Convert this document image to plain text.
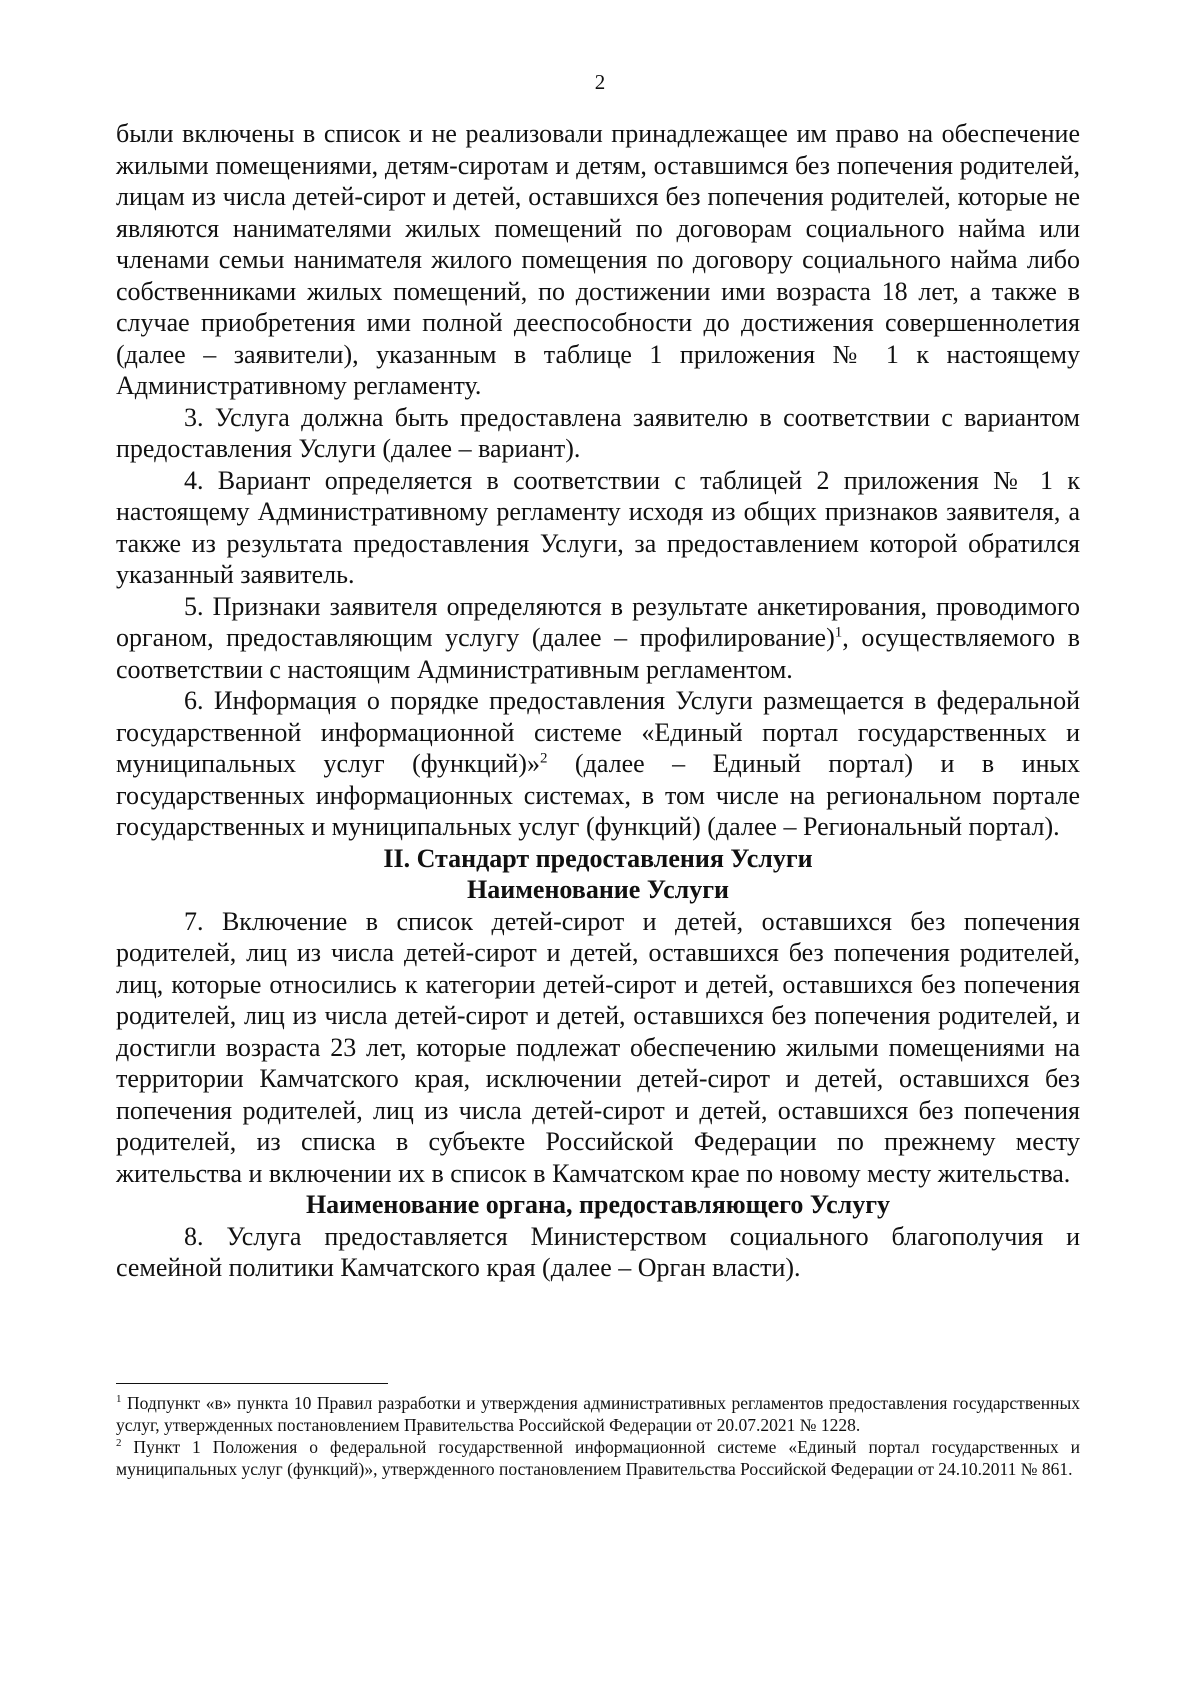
2

были включены в список и не реализовали принадлежащее им право на обеспечение жилыми помещениями, детям-сиротам и детям, оставшимся без попечения родителей, лицам из числа детей-сирот и детей, оставшихся без попечения родителей, которые не являются нанимателями жилых помещений по договорам социального найма или членами семьи нанимателя жилого помещения по договору социального найма либо собственниками жилых помещений, по достижении ими возраста 18 лет, а также в случае приобретения ими полной дееспособности до достижения совершеннолетия (далее – заявители), указанным в таблице 1 приложения № 1 к настоящему Административному регламенту.

3. Услуга должна быть предоставлена заявителю в соответствии с вариантом предоставления Услуги (далее – вариант).

4. Вариант определяется в соответствии с таблицей 2 приложения № 1 к настоящему Административному регламенту исходя из общих признаков заявителя, а также из результата предоставления Услуги, за предоставлением которой обратился указанный заявитель.

5. Признаки заявителя определяются в результате анкетирования, проводимого органом, предоставляющим услугу (далее – профилирование)$^1$, осуществляемого в соответствии с настоящим Административным регламентом.

6. Информация о порядке предоставления Услуги размещается в федеральной государственной информационной системе «Единый портал государственных и муниципальных услуг (функций)»$^2$ (далее – Единый портал) и в иных государственных информационных системах, в том числе на региональном портале государственных и муниципальных услуг (функций) (далее – Региональный портал).

II. Стандарт предоставления Услуги

Наименование Услуги

7. Включение в список детей-сирот и детей, оставшихся без попечения родителей, лиц из числа детей-сирот и детей, оставшихся без попечения родителей, лиц, которые относились к категории детей-сирот и детей, оставшихся без попечения родителей, лиц из числа детей-сирот и детей, оставшихся без попечения родителей, и достигли возраста 23 лет, которые подлежат обеспечению жилыми помещениями на территории Камчатского края, исключении детей-сирот и детей, оставшихся без попечения родителей, лиц из числа детей-сирот и детей, оставшихся без попечения родителей, из списка в субъекте Российской Федерации по прежнему месту жительства и включении их в список в Камчатском крае по новому месту жительства.

Наименование органа, предоставляющего Услугу

8. Услуга предоставляется Министерством социального благополучия и семейной политики Камчатского края (далее – Орган власти).

$^1$ Подпункт «в» пункта 10 Правил разработки и утверждения административных регламентов предоставления государственных услуг, утвержденных постановлением Правительства Российской Федерации от 20.07.2021 № 1228.

$^2$ Пункт 1 Положения о федеральной государственной информационной системе «Единый портал государственных и муниципальных услуг (функций)», утвержденного постановлением Правительства Российской Федерации от 24.10.2011 № 861.
